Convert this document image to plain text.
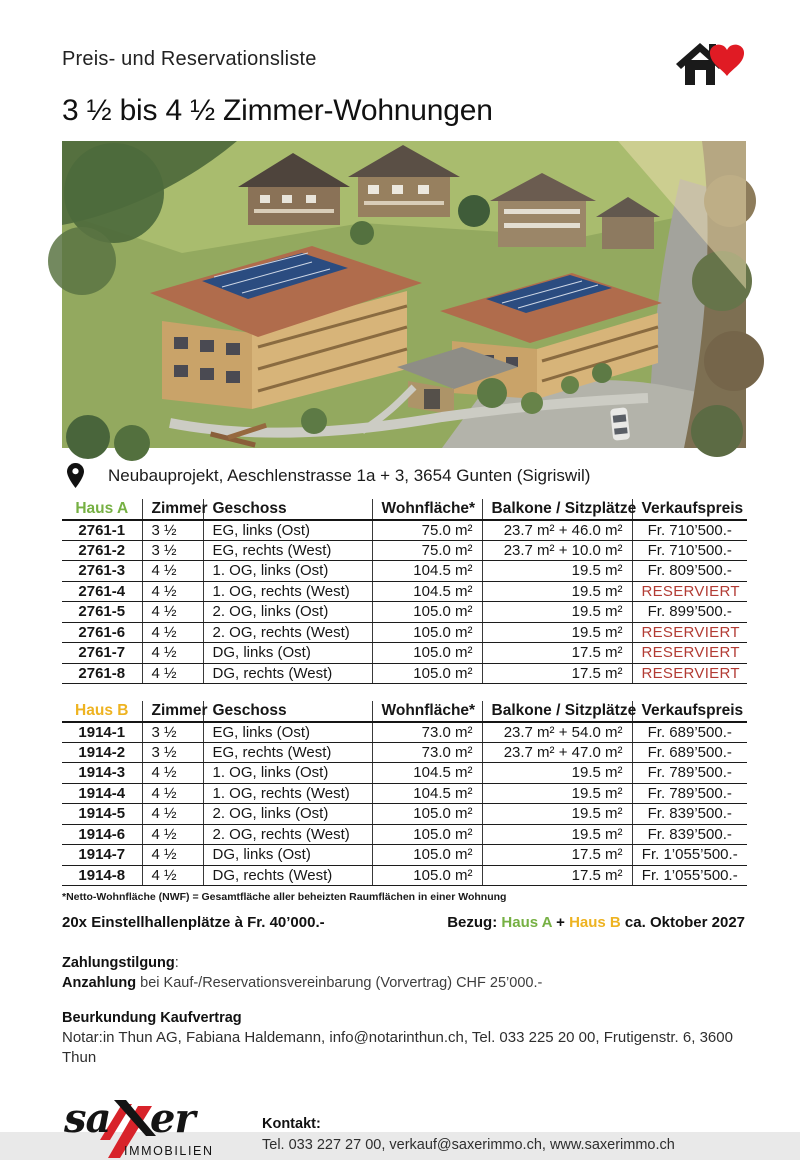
Preis- und Reservationsliste
3 ½ bis 4 ½ Zimmer-Wohnungen
Neubauprojekt, Aeschlenstrasse 1a + 3, 3654 Gunten (Sigriswil)
Haus A	Zimmer	Geschoss	Wohnfläche*	Balkone / Sitzplätze	Verkaufspreis
2761-1	3 ½	EG, links (Ost)	75.0 m²	23.7 m² + 46.0 m²	Fr. 710’500.-
2761-2	3 ½	EG, rechts (West)	75.0 m²	23.7 m² + 10.0 m²	Fr. 710’500.-
2761-3	4 ½	1. OG, links (Ost)	104.5 m²	19.5 m²	Fr. 809’500.-
2761-4	4 ½	1. OG, rechts (West)	104.5 m²	19.5 m²	RESERVIERT
2761-5	4 ½	2. OG, links (Ost)	105.0 m²	19.5 m²	Fr. 899’500.-
2761-6	4 ½	2. OG, rechts (West)	105.0 m²	19.5 m²	RESERVIERT
2761-7	4 ½	DG, links (Ost)	105.0 m²	17.5 m²	RESERVIERT
2761-8	4 ½	DG, rechts (West)	105.0 m²	17.5 m²	RESERVIERT
Haus B	Zimmer	Geschoss	Wohnfläche*	Balkone / Sitzplätze	Verkaufspreis
1914-1	3 ½	EG, links (Ost)	73.0 m²	23.7 m² + 54.0 m²	Fr. 689’500.-
1914-2	3 ½	EG, rechts (West)	73.0 m²	23.7 m² + 47.0 m²	Fr. 689’500.-
1914-3	4 ½	1. OG, links (Ost)	104.5 m²	19.5 m²	Fr. 789’500.-
1914-4	4 ½	1. OG, rechts (West)	104.5 m²	19.5 m²	Fr. 789’500.-
1914-5	4 ½	2. OG, links (Ost)	105.0 m²	19.5 m²	Fr. 839’500.-
1914-6	4 ½	2. OG, rechts (West)	105.0 m²	19.5 m²	Fr. 839’500.-
1914-7	4 ½	DG, links (Ost)	105.0 m²	17.5 m²	Fr. 1’055’500.-
1914-8	4 ½	DG, rechts (West)	105.0 m²	17.5 m²	Fr. 1’055’500.-
*Netto-Wohnfläche (NWF) = Gesamtfläche aller beheizten Raumflächen in einer Wohnung
20x Einstellhallenplätze à Fr. 40’000.-	Bezug: Haus A + Haus B ca. Oktober 2027
Zahlungstilgung:
Anzahlung bei Kauf-/Reservationsvereinbarung (Vorvertrag) CHF 25’000.-
Beurkundung Kaufvertrag
Notar:in Thun AG, Fabiana Haldemann, info@notarinthun.ch, Tel. 033 225 20 00, Frutigenstr. 6, 3600 Thun
sa er
IMMOBILIEN
Kontakt:
Tel. 033 227 27 00, verkauf@saxerimmo.ch, www.saxerimmo.ch
